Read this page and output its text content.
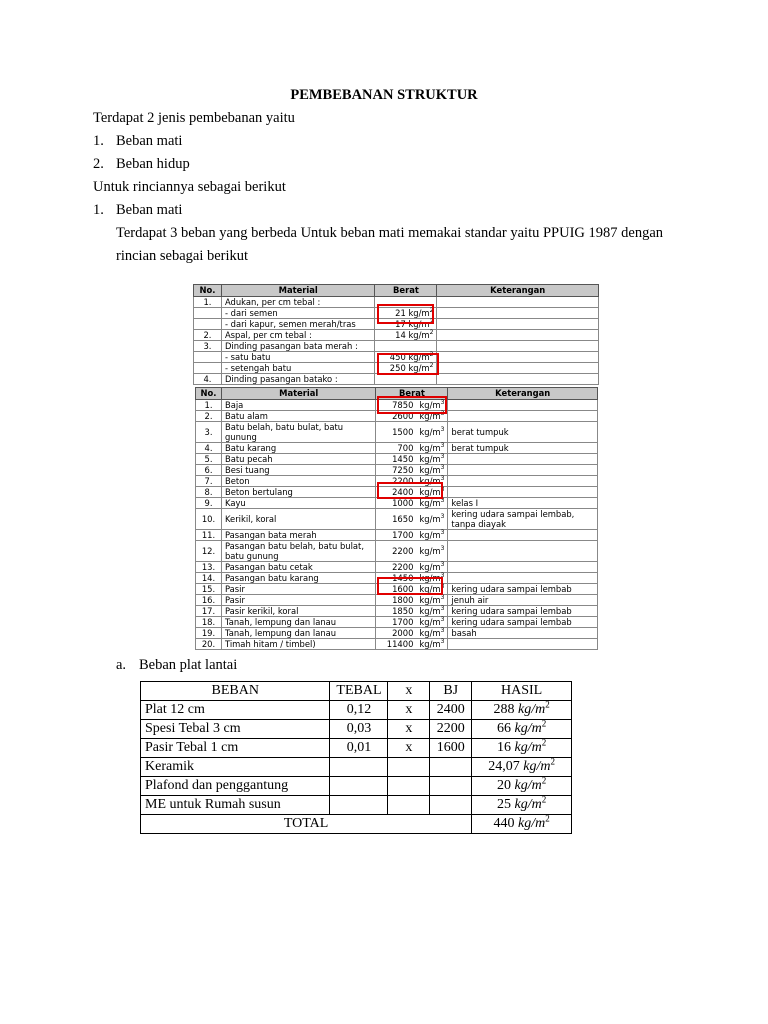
PEMBEBANAN STRUKTUR
Terdapat 2 jenis pembebanan yaitu
1. Beban mati
2. Beban hidup
Untuk rinciannya sebagai berikut
1. Beban mati
Terdapat 3 beban yang berbeda Untuk beban mati memakai standar yaitu PPUIG 1987 dengan
rincian sebagai berikut
No.	Material	Berat	Keterangan
1.	Adukan, per cm tebal :		
	- dari semen	21 $kg/m^2$	
	- dari kapur, semen merah/tras	17 $kg/m^2$	
2.	Aspal, per cm tebal :	14 $kg/m^2$	
3.	Dinding pasangan bata merah :		
	- satu batu	450 $kg/m^2$	
	- setengah batu	250 $kg/m^2$	
4.	Dinding pasangan batako :		
No.	Material	Berat	Keterangan
1.	Baja	7850 $kg/m^3$	
2.	Batu alam	2600 $kg/m^3$	
3.	Batu belah, batu bulat, batu gunung	1500 $kg/m^3$	berat tumpuk
4.	Batu karang	700 $kg/m^3$	berat tumpuk
5.	Batu pecah	1450 $kg/m^3$	
6.	Besi tuang	7250 $kg/m^3$	
7.	Beton	2200 $kg/m^3$	
8.	Beton bertulang	2400 $kg/m^3$	
9.	Kayu	1000 $kg/m^3$	kelas I
10.	Kerikil, koral	1650 $kg/m^3$	kering udara sampai lembab, tanpa diayak
11.	Pasangan bata merah	1700 $kg/m^3$	
12.	Pasangan batu belah, batu bulat, batu gunung	2200 $kg/m^3$	
13.	Pasangan batu cetak	2200 $kg/m^3$	
14.	Pasangan batu karang	1450 $kg/m^3$	
15.	Pasir	1600 $kg/m^3$	kering udara sampai lembab
16.	Pasir	1800 $kg/m^3$	jenuh air
17.	Pasir kerikil, koral	1850 $kg/m^3$	kering udara sampai lembab
18.	Tanah, lempung dan lanau	1700 $kg/m^3$	kering udara sampai lembab
19.	Tanah, lempung dan lanau	2000 $kg/m^3$	basah
20.	Timah hitam / timbel)	11400 $kg/m^3$	
a. Beban plat lantai
BEBAN	TEBAL	x	BJ	HASIL
Plat 12 cm	0,12	x	2400	288 $kg/m^2$
Spesi Tebal 3 cm	0,03	x	2200	66 $kg/m^2$
Pasir Tebal 1 cm	0,01	x	1600	16 $kg/m^2$
Keramik				24,07 $kg/m^2$
Plafond dan penggantung				20 $kg/m^2$
ME untuk Rumah susun				25 $kg/m^2$
TOTAL				440 $kg/m^2$
